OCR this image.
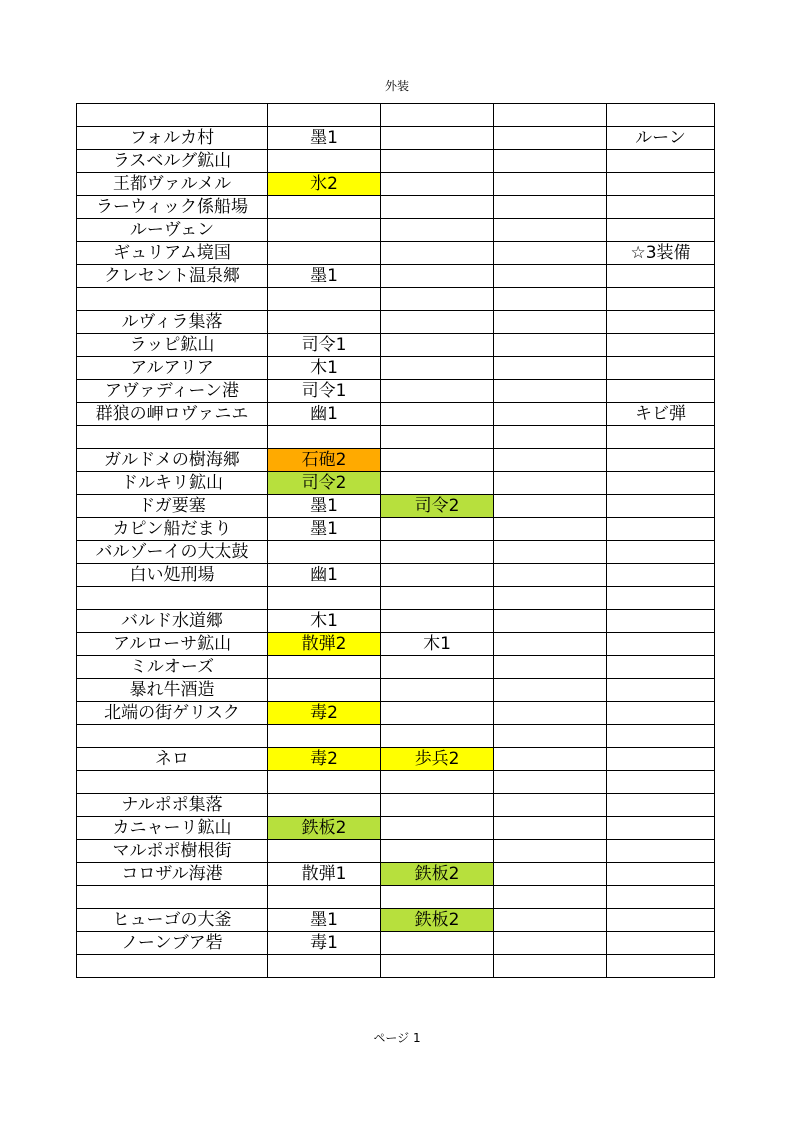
外装

フォルカ村	墨1			ルーン
ラスベルグ鉱山				
王都ヴァルメル	氷2			
ラーウィック係船場				
ルーヴェン				
ギュリアム境国				☆3装備
クレセント温泉郷	墨1			

ルヴィラ集落				
ラッピ鉱山	司令1			
アルアリア	木1			
アヴァディーン港	司令1			
群狼の岬ロヴァニエ	幽1			キビ弾

ガルドメの樹海郷	石砲2			
ドルキリ鉱山	司令2			
ドガ要塞	墨1	司令2		
カピン船だまり	墨1			
バルゾーイの大太鼓				
白い処刑場	幽1			

バルド水道郷	木1			
アルローサ鉱山	散弾2	木1		
ミルオーズ				
暴れ牛酒造				
北端の街ゲリスク	毒2			

ネロ	毒2	歩兵2		

ナルポポ集落				
カニャーリ鉱山	鉄板2			
マルポポ樹根街				
コロザル海港	散弾1	鉄板2		

ヒューゴの大釜	墨1	鉄板2		
ノーンブア砦	毒1			

ページ 1
